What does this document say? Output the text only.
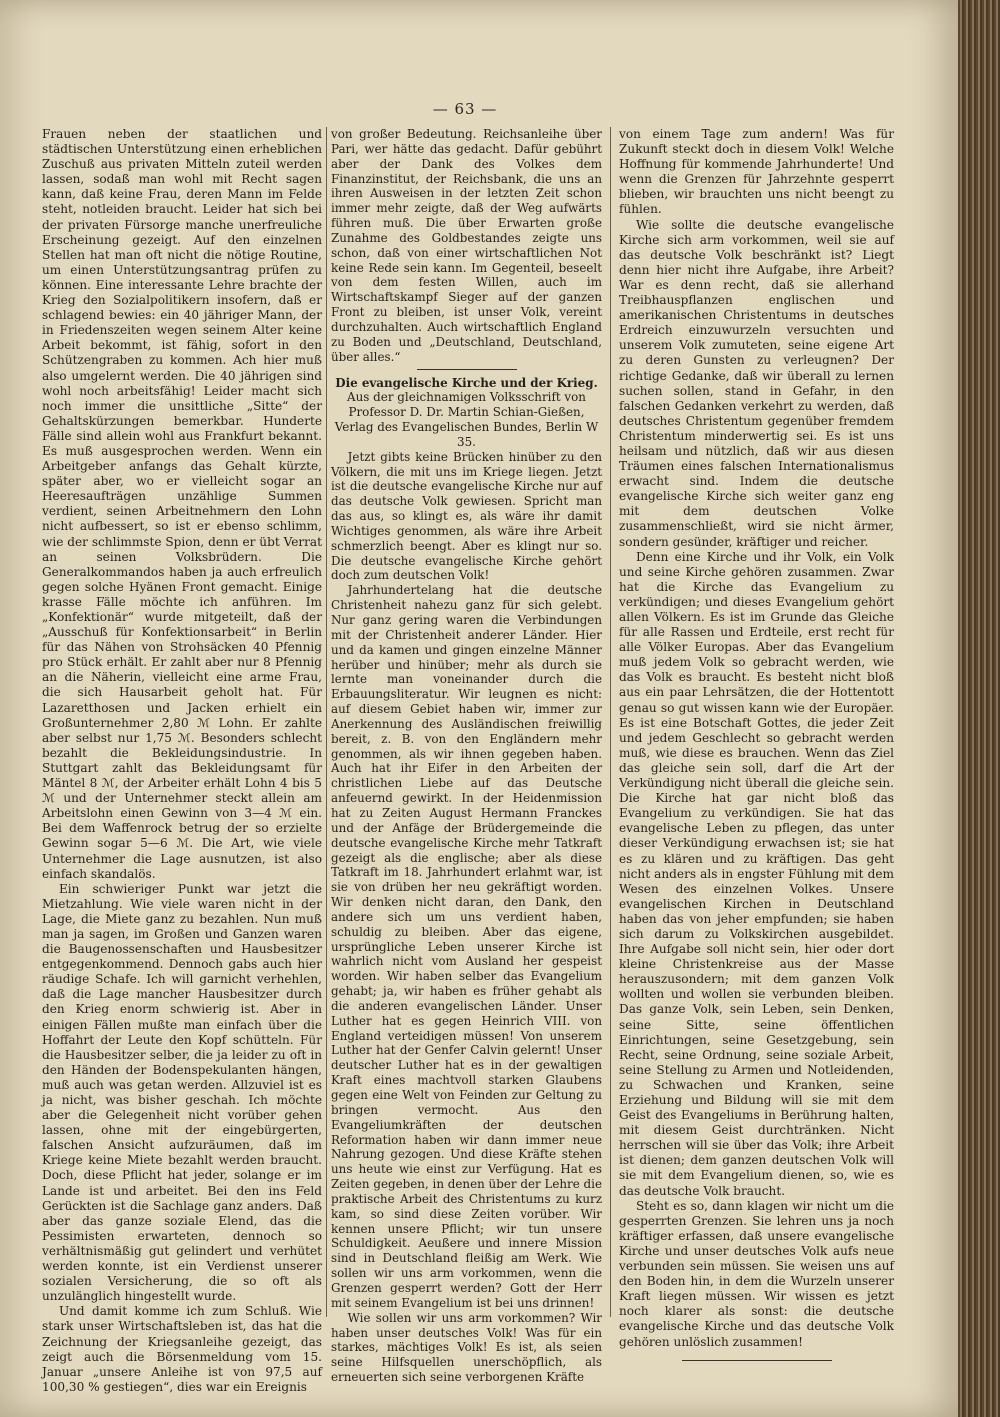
— 63 —

Frauen neben der staatlichen und städtischen Unterstützung einen erheblichen Zuschuß aus privaten Mitteln zuteil werden lassen, sodaß man wohl mit Recht sagen kann, daß keine Frau, deren Mann im Felde steht, notleiden braucht. Leider hat sich bei der privaten Fürsorge manche unerfreuliche Erscheinung gezeigt. Auf den einzelnen Stellen hat man oft nicht die nötige Routine, um einen Unterstützungsantrag prüfen zu können. Eine interessante Lehre brachte der Krieg den Sozialpolitikern insofern, daß er schlagend bewies: ein 40 jähriger Mann, der in Friedenszeiten wegen seinem Alter keine Arbeit bekommt, ist fähig, sofort in den Schützengraben zu kommen. Ach hier muß also umgelernt werden. Die 40 jährigen sind wohl noch arbeitsfähig! Leider macht sich noch immer die unsittliche „Sitte“ der Gehaltskürzungen bemerkbar. Hunderte Fälle sind allein wohl aus Frankfurt bekannt. Es muß ausgesprochen werden. Wenn ein Arbeitgeber anfangs das Gehalt kürzte, später aber, wo er vielleicht sogar an Heeresaufträgen unzählige Summen verdient, seinen Arbeitnehmern den Lohn nicht aufbessert, so ist er ebenso schlimm, wie der schlimmste Spion, denn er übt Verrat an seinen Volksbrüdern. Die Generalkommandos haben ja auch erfreulich gegen solche Hyänen Front gemacht. Einige krasse Fälle möchte ich anführen. Im „Konfektionär“ wurde mitgeteilt, daß der „Ausschuß für Konfektionsarbeit“ in Berlin für das Nähen von Strohsäcken 40 Pfennig pro Stück erhält. Er zahlt aber nur 8 Pfennig an die Näherin, vielleicht eine arme Frau, die sich Hausarbeit geholt hat. Für Lazaretthosen und Jacken erhielt ein Großunternehmer 2,80 ℳ Lohn. Er zahlte aber selbst nur 1,75 ℳ. Besonders schlecht bezahlt die Bekleidungsindustrie. In Stuttgart zahlt das Bekleidungsamt für Mäntel 8 ℳ, der Arbeiter erhält Lohn 4 bis 5 ℳ und der Unternehmer steckt allein am Arbeitslohn einen Gewinn von 3—4 ℳ ein. Bei dem Waffenrock betrug der so erzielte Gewinn sogar 5—6 ℳ. Die Art, wie viele Unternehmer die Lage ausnutzen, ist also einfach skandalös.

Ein schwieriger Punkt war jetzt die Mietzahlung. Wie viele waren nicht in der Lage, die Miete ganz zu bezahlen. Nun muß man ja sagen, im Großen und Ganzen waren die Baugenossenschaften und Hausbesitzer entgegenkommend. Dennoch gabs auch hier räudige Schafe. Ich will garnicht verhehlen, daß die Lage mancher Hausbesitzer durch den Krieg enorm schwierig ist. Aber in einigen Fällen mußte man einfach über die Hoffahrt der Leute den Kopf schütteln. Für die Hausbesitzer selber, die ja leider zu oft in den Händen der Bodenspekulanten hängen, muß auch was getan werden. Allzuviel ist es ja nicht, was bisher geschah. Ich möchte aber die Gelegenheit nicht vorüber gehen lassen, ohne mit der eingebürgerten, falschen Ansicht aufzuräumen, daß im Kriege keine Miete bezahlt werden braucht. Doch, diese Pflicht hat jeder, solange er im Lande ist und arbeitet. Bei den ins Feld Gerückten ist die Sachlage ganz anders. Daß aber das ganze soziale Elend, das die Pessimisten erwarteten, dennoch so verhältnismäßig gut gelindert und verhütet werden konnte, ist ein Verdienst unserer sozialen Versicherung, die so oft als unzulänglich hingestellt wurde.

Und damit komme ich zum Schluß. Wie stark unser Wirtschaftsleben ist, das hat die Zeichnung der Kriegsanleihe gezeigt, das zeigt auch die Börsenmeldung vom 15. Januar „unsere Anleihe ist von 97,5 auf 100,30 % gestiegen“, dies war ein Ereignis

von großer Bedeutung. Reichsanleihe über Pari, wer hätte das gedacht. Dafür gebührt aber der Dank des Volkes dem Finanzinstitut, der Reichsbank, die uns an ihren Ausweisen in der letzten Zeit schon immer mehr zeigte, daß der Weg aufwärts führen muß. Die über Erwarten große Zunahme des Goldbestandes zeigte uns schon, daß von einer wirtschaftlichen Not keine Rede sein kann. Im Gegenteil, beseelt von dem festen Willen, auch im Wirtschaftskampf Sieger auf der ganzen Front zu bleiben, ist unser Volk, vereint durchzuhalten. Auch wirtschaftlich England zu Boden und „Deutschland, Deutschland, über alles.“

Die evangelische Kirche und der Krieg.

Aus der gleichnamigen Volksschrift von Professor D. Dr. Martin Schian-Gießen, Verlag des Evangelischen Bundes, Berlin W 35.

Jetzt gibts keine Brücken hinüber zu den Völkern, die mit uns im Kriege liegen. Jetzt ist die deutsche evangelische Kirche nur auf das deutsche Volk gewiesen. Spricht man das aus, so klingt es, als wäre ihr damit Wichtiges genommen, als wäre ihre Arbeit schmerzlich beengt. Aber es klingt nur so. Die deutsche evangelische Kirche gehört doch zum deutschen Volk!

Jahrhundertelang hat die deutsche Christenheit nahezu ganz für sich gelebt. Nur ganz gering waren die Verbindungen mit der Christenheit anderer Länder. Hier und da kamen und gingen einzelne Männer herüber und hinüber; mehr als durch sie lernte man voneinander durch die Erbauungsliteratur. Wir leugnen es nicht: auf diesem Gebiet haben wir, immer zur Anerkennung des Ausländischen freiwillig bereit, z. B. von den Engländern mehr genommen, als wir ihnen gegeben haben. Auch hat ihr Eifer in den Arbeiten der christlichen Liebe auf das Deutsche anfeuernd gewirkt. In der Heidenmission hat zu Zeiten August Hermann Franckes und der Anfäge der Brüdergemeinde die deutsche evangelische Kirche mehr Tatkraft gezeigt als die englische; aber als diese Tatkraft im 18. Jahrhundert erlahmt war, ist sie von drüben her neu gekräftigt worden. Wir denken nicht daran, den Dank, den andere sich um uns verdient haben, schuldig zu bleiben. Aber das eigene, ursprüngliche Leben unserer Kirche ist wahrlich nicht vom Ausland her gespeist worden. Wir haben selber das Evangelium gehabt; ja, wir haben es früher gehabt als die anderen evangelischen Länder. Unser Luther hat es gegen Heinrich VIII. von England verteidigen müssen! Von unserem Luther hat der Genfer Calvin gelernt! Unser deutscher Luther hat es in der gewaltigen Kraft eines machtvoll starken Glaubens gegen eine Welt von Feinden zur Geltung zu bringen vermocht. Aus den Evangeliumkräften der deutschen Reformation haben wir dann immer neue Nahrung gezogen. Und diese Kräfte stehen uns heute wie einst zur Verfügung. Hat es Zeiten gegeben, in denen über der Lehre die praktische Arbeit des Christentums zu kurz kam, so sind diese Zeiten vorüber. Wir kennen unsere Pflicht; wir tun unsere Schuldigkeit. Aeußere und innere Mission sind in Deutschland fleißig am Werk. Wie sollen wir uns arm vorkommen, wenn die Grenzen gesperrt werden? Gott der Herr mit seinem Evangelium ist bei uns drinnen!

Wie sollen wir uns arm vorkommen? Wir haben unser deutsches Volk! Was für ein starkes, mächtiges Volk! Es ist, als seien seine Hilfsquellen unerschöpflich, als erneuerten sich seine verborgenen Kräfte

von einem Tage zum andern! Was für Zukunft steckt doch in diesem Volk! Welche Hoffnung für kommende Jahrhunderte! Und wenn die Grenzen für Jahrzehnte gesperrt blieben, wir brauchten uns nicht beengt zu fühlen.

Wie sollte die deutsche evangelische Kirche sich arm vorkommen, weil sie auf das deutsche Volk beschränkt ist? Liegt denn hier nicht ihre Aufgabe, ihre Arbeit? War es denn recht, daß sie allerhand Treibhauspflanzen englischen und amerikanischen Christentums in deutsches Erdreich einzuwurzeln versuchten und unserem Volk zumuteten, seine eigene Art zu deren Gunsten zu verleugnen? Der richtige Gedanke, daß wir überall zu lernen suchen sollen, stand in Gefahr, in den falschen Gedanken verkehrt zu werden, daß deutsches Christentum gegenüber fremdem Christentum minderwertig sei. Es ist uns heilsam und nützlich, daß wir aus diesen Träumen eines falschen Internationalismus erwacht sind. Indem die deutsche evangelische Kirche sich weiter ganz eng mit dem deutschen Volke zusammenschließt, wird sie nicht ärmer, sondern gesünder, kräftiger und reicher.

Denn eine Kirche und ihr Volk, ein Volk und seine Kirche gehören zusammen. Zwar hat die Kirche das Evangelium zu verkündigen; und dieses Evangelium gehört allen Völkern. Es ist im Grunde das Gleiche für alle Rassen und Erdteile, erst recht für alle Völker Europas. Aber das Evangelium muß jedem Volk so gebracht werden, wie das Volk es braucht. Es besteht nicht bloß aus ein paar Lehrsätzen, die der Hottentott genau so gut wissen kann wie der Europäer. Es ist eine Botschaft Gottes, die jeder Zeit und jedem Geschlecht so gebracht werden muß, wie diese es brauchen. Wenn das Ziel das gleiche sein soll, darf die Art der Verkündigung nicht überall die gleiche sein. Die Kirche hat gar nicht bloß das Evangelium zu verkündigen. Sie hat das evangelische Leben zu pflegen, das unter dieser Verkündigung erwachsen ist; sie hat es zu klären und zu kräftigen. Das geht nicht anders als in engster Fühlung mit dem Wesen des einzelnen Volkes. Unsere evangelischen Kirchen in Deutschland haben das von jeher empfunden; sie haben sich darum zu Volkskirchen ausgebildet. Ihre Aufgabe soll nicht sein, hier oder dort kleine Christenkreise aus der Masse herauszusondern; mit dem ganzen Volk wollten und wollen sie verbunden bleiben. Das ganze Volk, sein Leben, sein Denken, seine Sitte, seine öffentlichen Einrichtungen, seine Gesetzgebung, sein Recht, seine Ordnung, seine soziale Arbeit, seine Stellung zu Armen und Notleidenden, zu Schwachen und Kranken, seine Erziehung und Bildung will sie mit dem Geist des Evangeliums in Berührung halten, mit diesem Geist durchtränken. Nicht herrschen will sie über das Volk; ihre Arbeit ist dienen; dem ganzen deutschen Volk will sie mit dem Evangelium dienen, so, wie es das deutsche Volk braucht.

Steht es so, dann klagen wir nicht um die gesperrten Grenzen. Sie lehren uns ja noch kräftiger erfassen, daß unsere evangelische Kirche und unser deutsches Volk aufs neue verbunden sein müssen. Sie weisen uns auf den Boden hin, in dem die Wurzeln unserer Kraft liegen müssen. Wir wissen es jetzt noch klarer als sonst: die deutsche evangelische Kirche und das deutsche Volk gehören unlöslich zusammen!
